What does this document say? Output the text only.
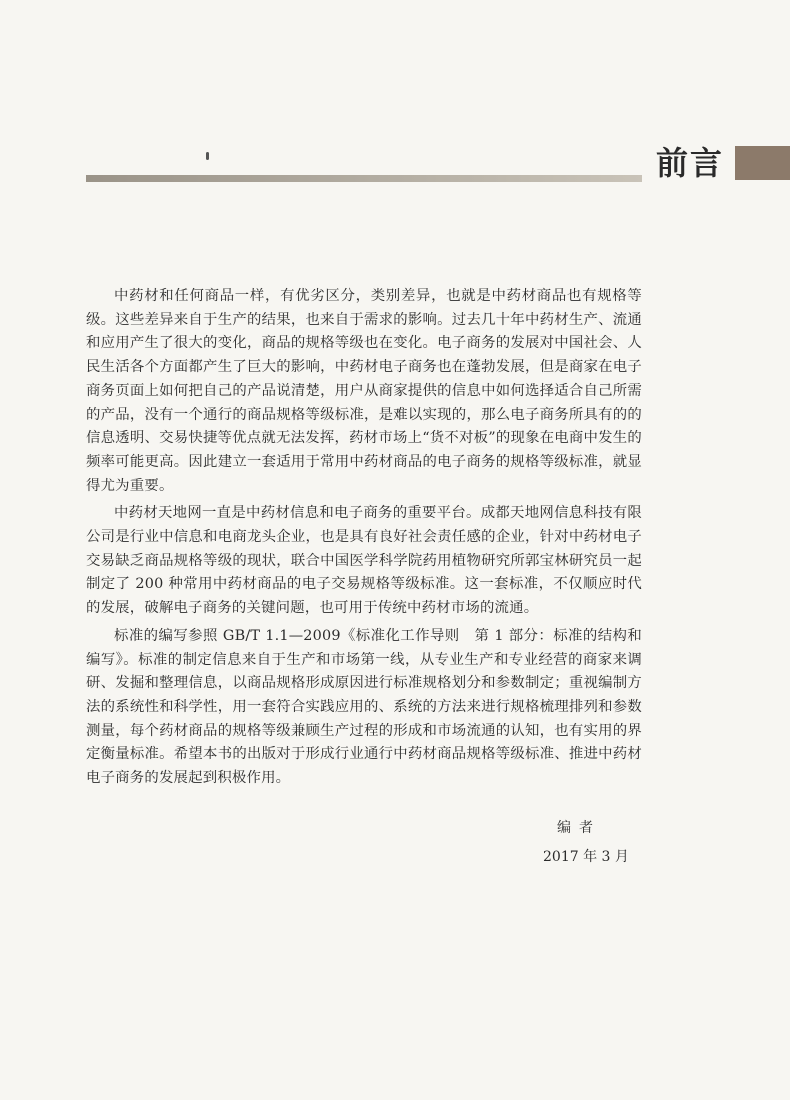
前言

中药材和任何商品一样，有优劣区分，类别差异，也就是中药材商品也有规格等级。这些差异来自于生产的结果，也来自于需求的影响。过去几十年中药材生产、流通和应用产生了很大的变化，商品的规格等级也在变化。电子商务的发展对中国社会、人民生活各个方面都产生了巨大的影响，中药材电子商务也在蓬勃发展，但是商家在电子商务页面上如何把自己的产品说清楚，用户从商家提供的信息中如何选择适合自己所需的产品，没有一个通行的商品规格等级标准，是难以实现的，那么电子商务所具有的的信息透明、交易快捷等优点就无法发挥，药材市场上“货不对板”的现象在电商中发生的频率可能更高。因此建立一套适用于常用中药材商品的电子商务的规格等级标准，就显得尤为重要。

中药材天地网一直是中药材信息和电子商务的重要平台。成都天地网信息科技有限公司是行业中信息和电商龙头企业，也是具有良好社会责任感的企业，针对中药材电子交易缺乏商品规格等级的现状，联合中国医学科学院药用植物研究所郭宝林研究员一起制定了 200 种常用中药材商品的电子交易规格等级标准。这一套标准，不仅顺应时代的发展，破解电子商务的关键问题，也可用于传统中药材市场的流通。

标准的编写参照 GB/T 1.1—2009《标准化工作导则　第 1 部分：标准的结构和编写》。标准的制定信息来自于生产和市场第一线，从专业生产和专业经营的商家来调研、发掘和整理信息，以商品规格形成原因进行标准规格划分和参数制定；重视编制方法的系统性和科学性，用一套符合实践应用的、系统的方法来进行规格梳理排列和参数测量，每个药材商品的规格等级兼顾生产过程的形成和市场流通的认知，也有实用的界定衡量标准。希望本书的出版对于形成行业通行中药材商品规格等级标准、推进中药材电子商务的发展起到积极作用。

编者
2017 年 3 月
